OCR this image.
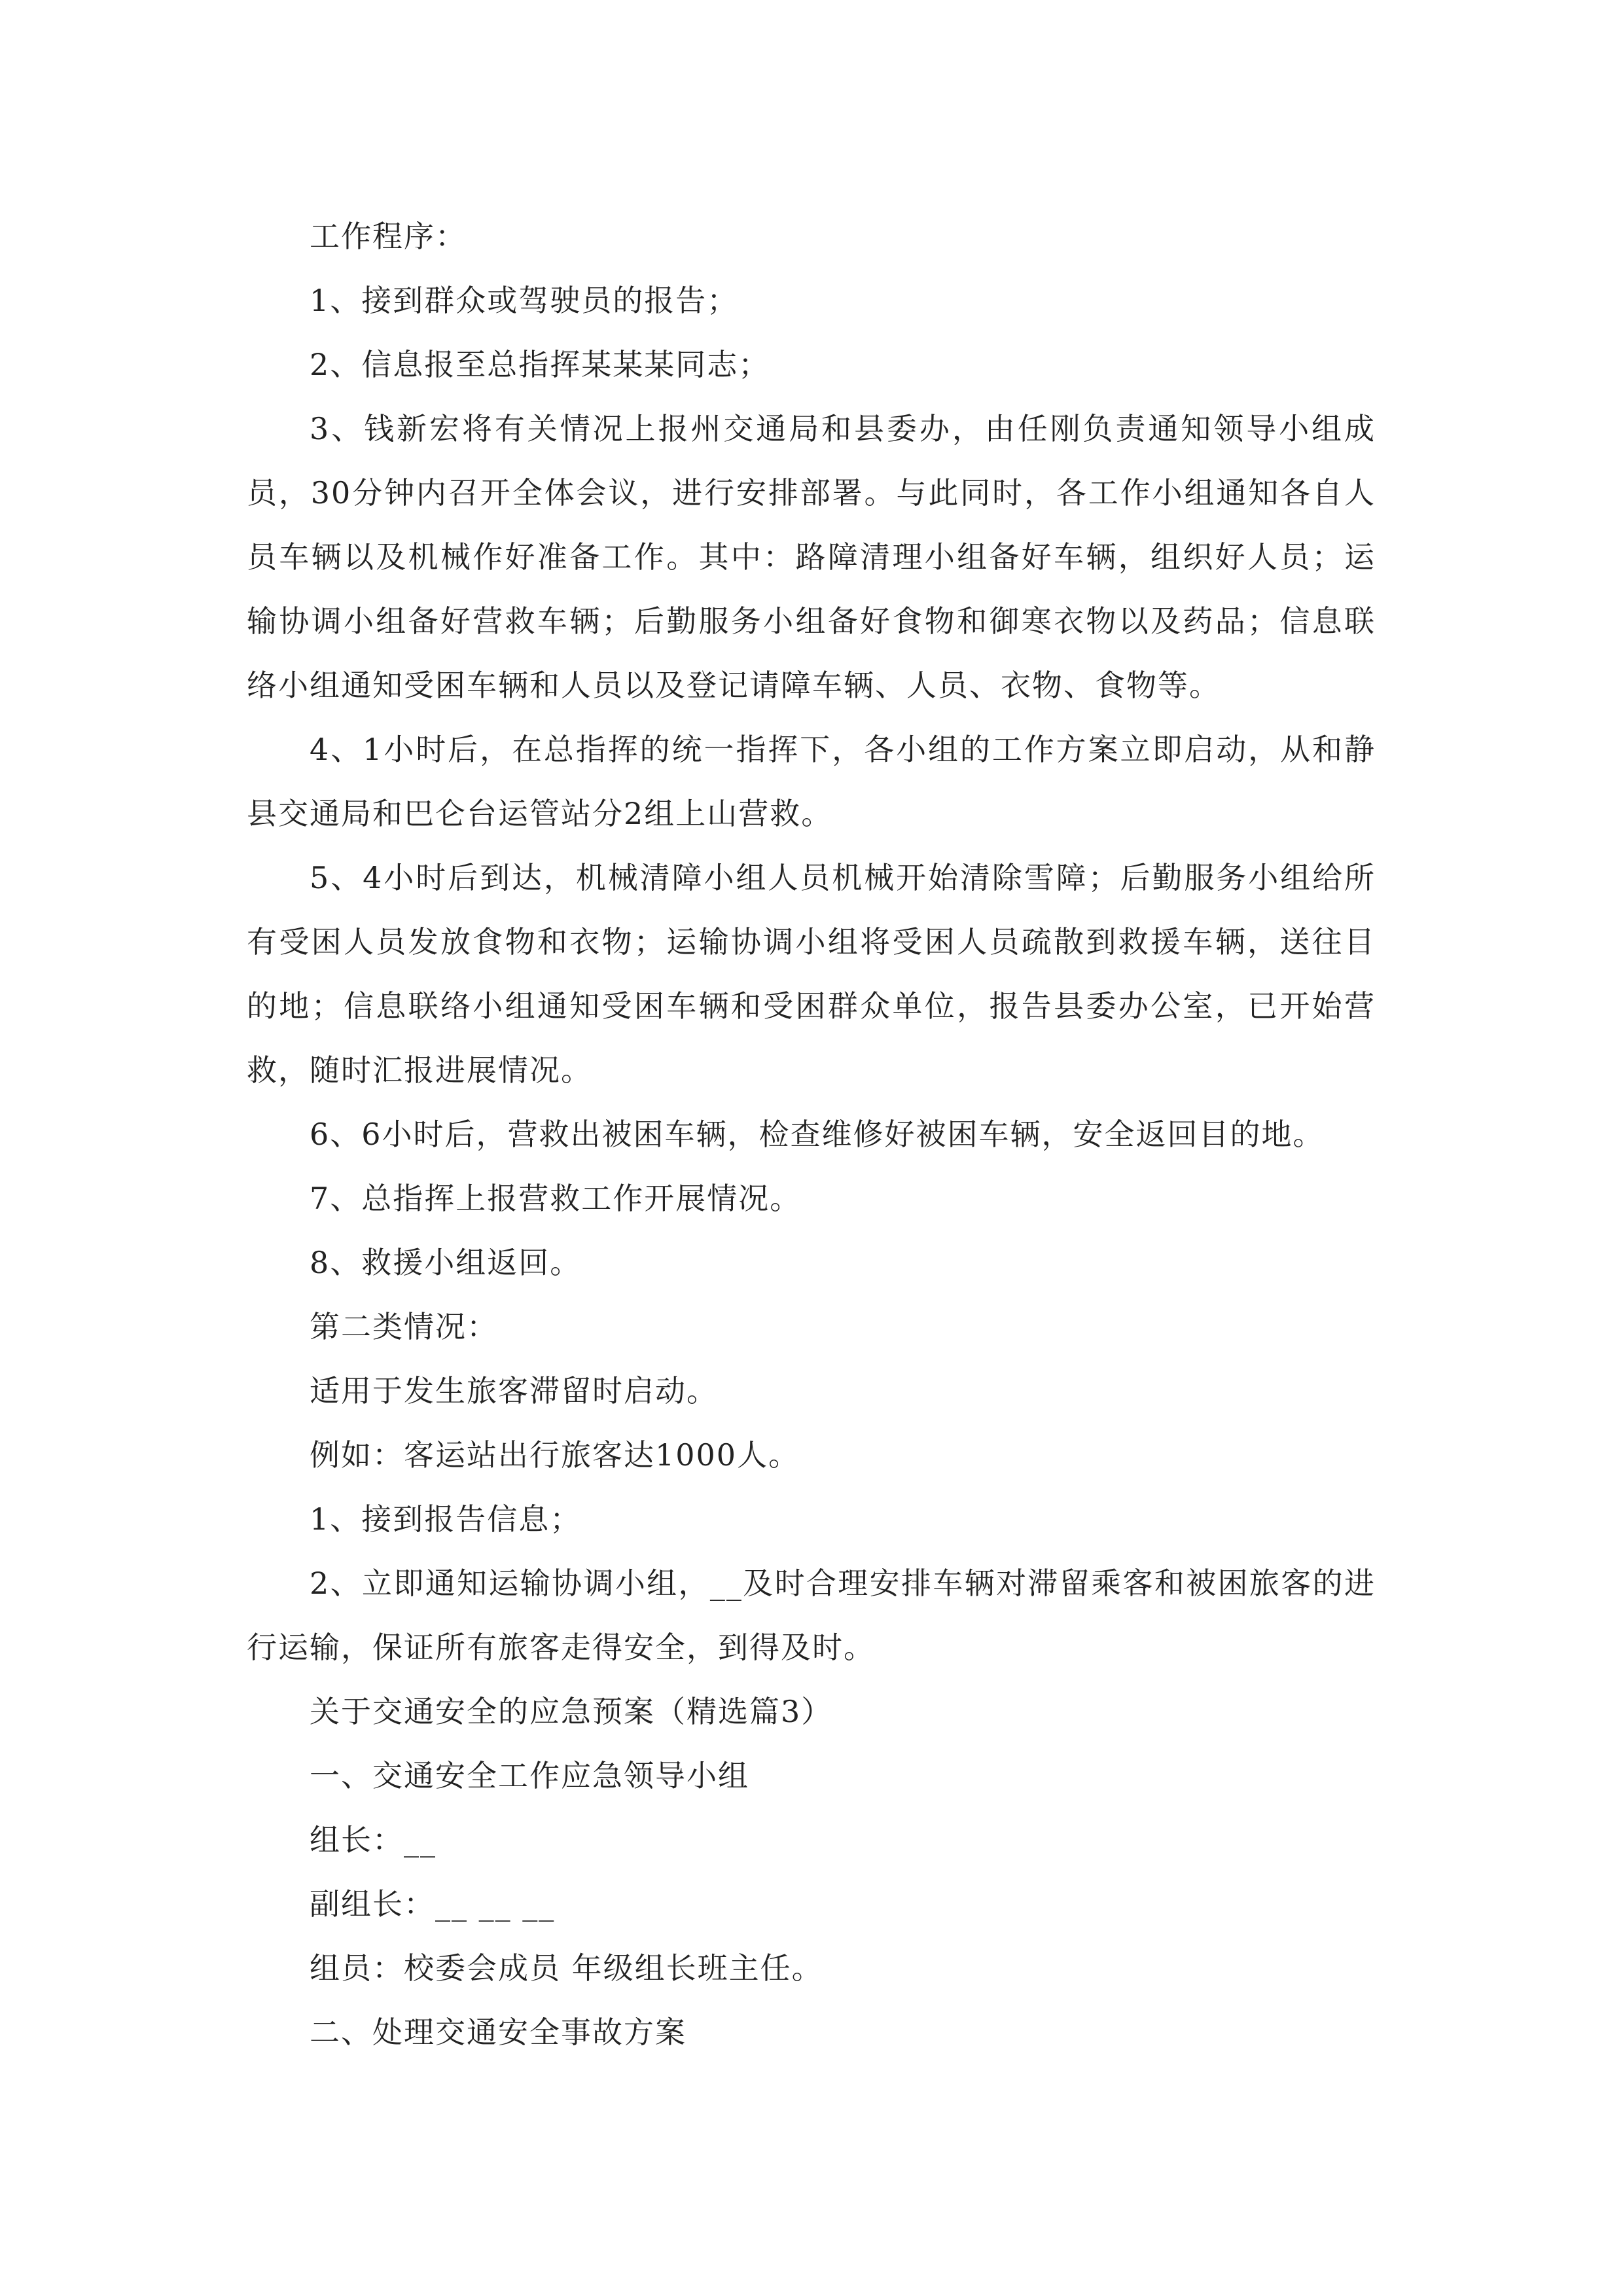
工作程序：

1、接到群众或驾驶员的报告；

2、信息报至总指挥某某某同志；

3、钱新宏将有关情况上报州交通局和县委办，由任刚负责通知领导小组成员，30分钟内召开全体会议，进行安排部署。与此同时，各工作小组通知各自人员车辆以及机械作好准备工作。其中：路障清理小组备好车辆，组织好人员；运输协调小组备好营救车辆；后勤服务小组备好食物和御寒衣物以及药品；信息联络小组通知受困车辆和人员以及登记请障车辆、人员、衣物、食物等。

4、1小时后，在总指挥的统一指挥下，各小组的工作方案立即启动，从和静县交通局和巴仑台运管站分2组上山营救。

5、4小时后到达，机械清障小组人员机械开始清除雪障；后勤服务小组给所有受困人员发放食物和衣物；运输协调小组将受困人员疏散到救援车辆，送往目的地；信息联络小组通知受困车辆和受困群众单位，报告县委办公室，已开始营救，随时汇报进展情况。

6、6小时后，营救出被困车辆，检查维修好被困车辆，安全返回目的地。

7、总指挥上报营救工作开展情况。

8、救援小组返回。

第二类情况：

适用于发生旅客滞留时启动。

例如：客运站出行旅客达1000人。

1、接到报告信息；

2、立即通知运输协调小组，__及时合理安排车辆对滞留乘客和被困旅客的进行运输，保证所有旅客走得安全，到得及时。

关于交通安全的应急预案（精选篇3）

一、交通安全工作应急领导小组

组长：__

副组长：__ __ __

组员：校委会成员 年级组长班主任。

二、处理交通安全事故方案
